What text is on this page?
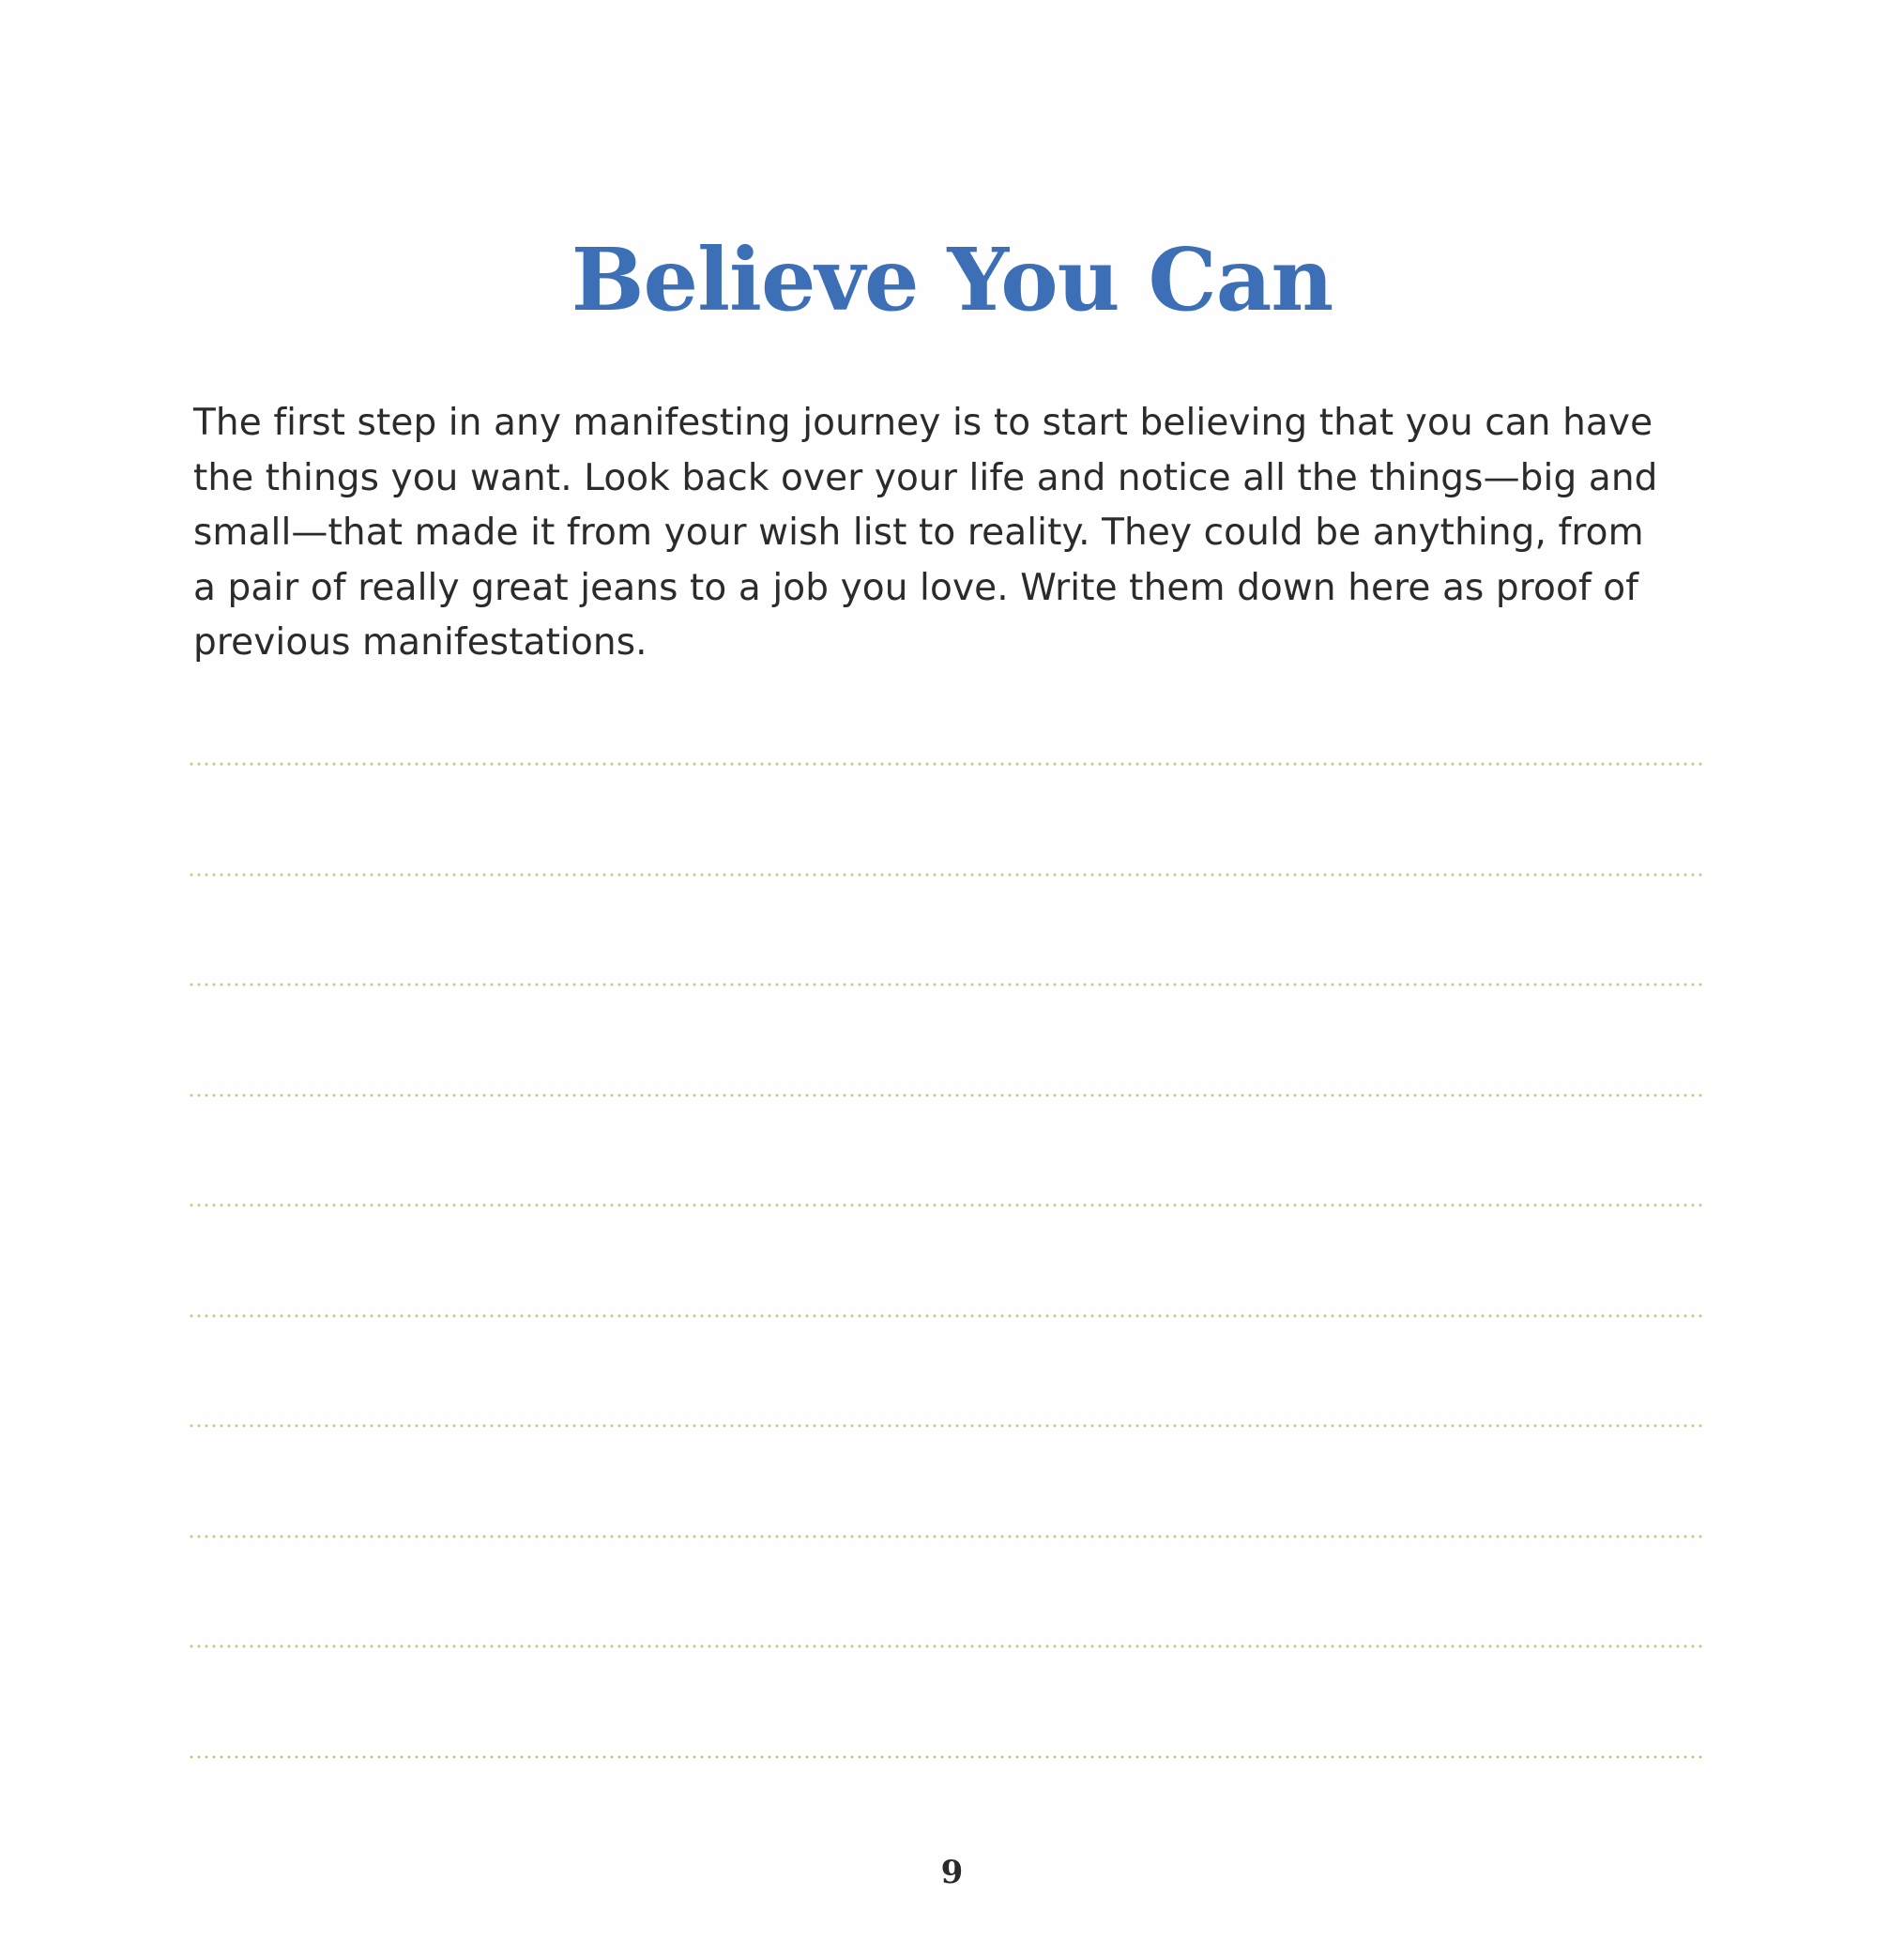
Believe You Can

The first step in any manifesting journey is to start believing that you can have
the things you want. Look back over your life and notice all the things—big and
small—that made it from your wish list to reality. They could be anything, from
a pair of really great jeans to a job you love. Write them down here as proof of
previous manifestations.

9
